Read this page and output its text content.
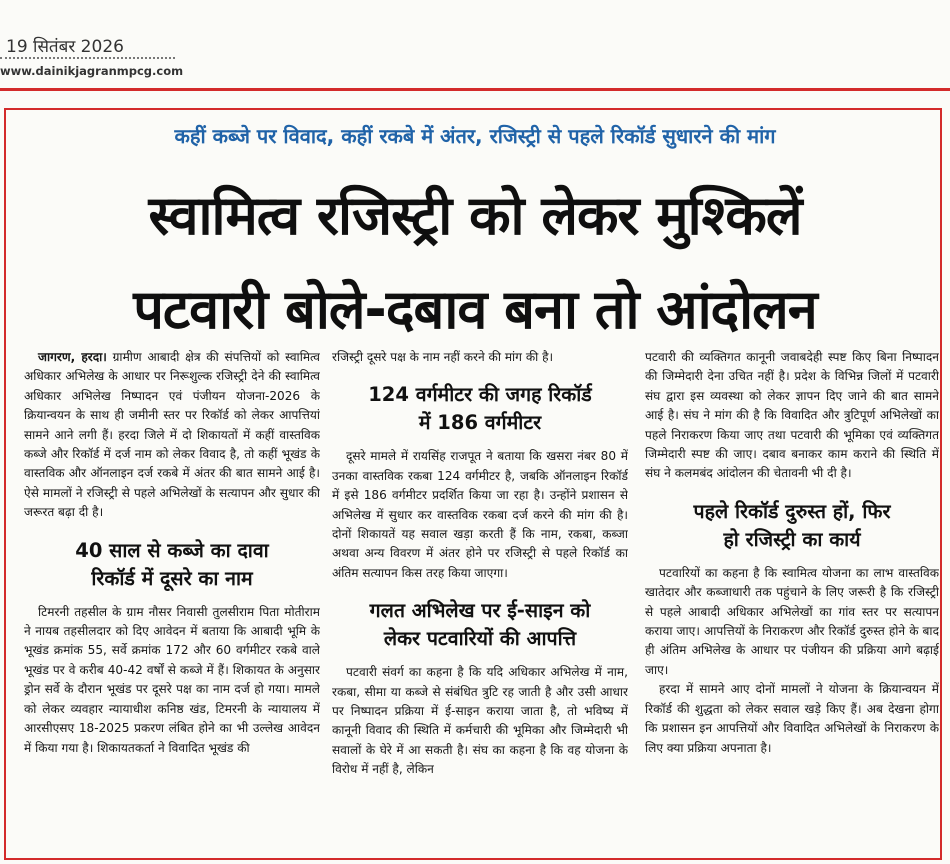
19 सितंबर 2026
www.dainikjagranmpcg.com
कहीं कब्जे पर विवाद, कहीं रकबे में अंतर, रजिस्ट्री से पहले रिकॉर्ड सुधारने की मांग
स्वामित्व रजिस्ट्री को लेकर मुश्किलें
पटवारी बोले-दबाव बना तो आंदोलन

जागरण, हरदा। ग्रामीण आबादी क्षेत्र की संपत्तियों को स्वामित्व अधिकार अभिलेख के आधार पर निरूशुल्क रजिस्ट्री देने की स्वामित्व अधिकार अभिलेख निष्पादन एवं पंजीयन योजना-2026 के क्रियान्वयन के साथ ही जमीनी स्तर पर रिकॉर्ड को लेकर आपत्तियां सामने आने लगी हैं। हरदा जिले में दो शिकायतों में कहीं वास्तविक कब्जे और रिकॉर्ड में दर्ज नाम को लेकर विवाद है, तो कहीं भूखंड के वास्तविक और ऑनलाइन दर्ज रकबे में अंतर की बात सामने आई है। ऐसे मामलों ने रजिस्ट्री से पहले अभिलेखों के सत्यापन और सुधार की जरूरत बढ़ा दी है।

40 साल से कब्जे का दावा
रिकॉर्ड में दूसरे का नाम

टिमरनी तहसील के ग्राम नौसर निवासी तुलसीराम पिता मोतीराम ने नायब तहसीलदार को दिए आवेदन में बताया कि आबादी भूमि के भूखंड क्रमांक 55, सर्वे क्रमांक 172 और 60 वर्गमीटर रकबे वाले भूखंड पर वे करीब 40-42 वर्षों से कब्जे में हैं। शिकायत के अनुसार ड्रोन सर्वे के दौरान भूखंड पर दूसरे पक्ष का नाम दर्ज हो गया। मामले को लेकर व्यवहार न्यायाधीश कनिष्ठ खंड, टिमरनी के न्यायालय में आरसीएसए 18-2025 प्रकरण लंबित होने का भी उल्लेख आवेदन में किया गया है। शिकायतकर्ता ने विवादित भूखंड की

रजिस्ट्री दूसरे पक्ष के नाम नहीं करने की मांग की है।

124 वर्गमीटर की जगह रिकॉर्ड
में 186 वर्गमीटर

दूसरे मामले में रायसिंह राजपूत ने बताया कि खसरा नंबर 80 में उनका वास्तविक रकबा 124 वर्गमीटर है, जबकि ऑनलाइन रिकॉर्ड में इसे 186 वर्गमीटर प्रदर्शित किया जा रहा है। उन्होंने प्रशासन से अभिलेख में सुधार कर वास्तविक रकबा दर्ज करने की मांग की है। दोनों शिकायतें यह सवाल खड़ा करती हैं कि नाम, रकबा, कब्जा अथवा अन्य विवरण में अंतर होने पर रजिस्ट्री से पहले रिकॉर्ड का अंतिम सत्यापन किस तरह किया जाएगा।

गलत अभिलेख पर ई-साइन को
लेकर पटवारियों की आपत्ति

पटवारी संवर्ग का कहना है कि यदि अधिकार अभिलेख में नाम, रकबा, सीमा या कब्जे से संबंधित त्रुटि रह जाती है और उसी आधार पर निष्पादन प्रक्रिया में ई-साइन कराया जाता है, तो भविष्य में कानूनी विवाद की स्थिति में कर्मचारी की भूमिका और जिम्मेदारी भी सवालों के घेरे में आ सकती है। संघ का कहना है कि वह योजना के विरोध में नहीं है, लेकिन

पटवारी की व्यक्तिगत कानूनी जवाबदेही स्पष्ट किए बिना निष्पादन की जिम्मेदारी देना उचित नहीं है। प्रदेश के विभिन्न जिलों में पटवारी संघ द्वारा इस व्यवस्था को लेकर ज्ञापन दिए जाने की बात सामने आई है। संघ ने मांग की है कि विवादित और त्रुटिपूर्ण अभिलेखों का पहले निराकरण किया जाए तथा पटवारी की भूमिका एवं व्यक्तिगत जिम्मेदारी स्पष्ट की जाए। दबाव बनाकर काम कराने की स्थिति में संघ ने कलमबंद आंदोलन की चेतावनी भी दी है।

पहले रिकॉर्ड दुरुस्त हों, फिर
हो रजिस्ट्री का कार्य

पटवारियों का कहना है कि स्वामित्व योजना का लाभ वास्तविक खातेदार और कब्जाधारी तक पहुंचाने के लिए जरूरी है कि रजिस्ट्री से पहले आबादी अधिकार अभिलेखों का गांव स्तर पर सत्यापन कराया जाए। आपत्तियों के निराकरण और रिकॉर्ड दुरुस्त होने के बाद ही अंतिम अभिलेख के आधार पर पंजीयन की प्रक्रिया आगे बढ़ाई जाए।

हरदा में सामने आए दोनों मामलों ने योजना के क्रियान्वयन में रिकॉर्ड की शुद्धता को लेकर सवाल खड़े किए हैं। अब देखना होगा कि प्रशासन इन आपत्तियों और विवादित अभिलेखों के निराकरण के लिए क्या प्रक्रिया अपनाता है।
